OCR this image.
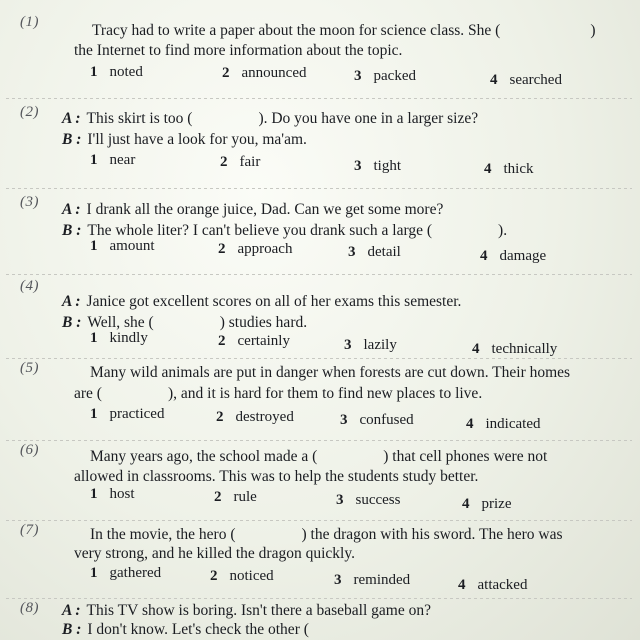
(1)	Tracy had to write a paper about the moon for science class. She (	)
the Internet to find more information about the topic.
1 noted	2 announced	3 packed	4 searched
(2) A : This skirt is too (	). Do you have one in a larger size?
B : I'll just have a look for you, ma'am.
1 near	2 fair	3 tight	4 thick
(3) A : I drank all the orange juice, Dad. Can we get some more?
B : The whole liter? I can't believe you drank such a large (	).
1 amount	2 approach	3 detail	4 damage
(4)
A : Janice got excellent scores on all of her exams this semester.
B : Well, she (	) studies hard.
1 kindly	2 certainly	3 lazily	4 technically
(5)	Many wild animals are put in danger when forests are cut down. Their homes
are (	), and it is hard for them to find new places to live.
1 practiced	2 destroyed	3 confused	4 indicated
(6)	Many years ago, the school made a (	) that cell phones were not
allowed in classrooms. This was to help the students study better.
1 host	2 rule	3 success	4 prize
(7)	In the movie, the hero (	) the dragon with his sword. The hero was
very strong, and he killed the dragon quickly.
1 gathered	2 noticed	3 reminded	4 attacked
(8) A : This TV show is boring. Isn't there a baseball game on?
B : I don't know. Let's check the other (
